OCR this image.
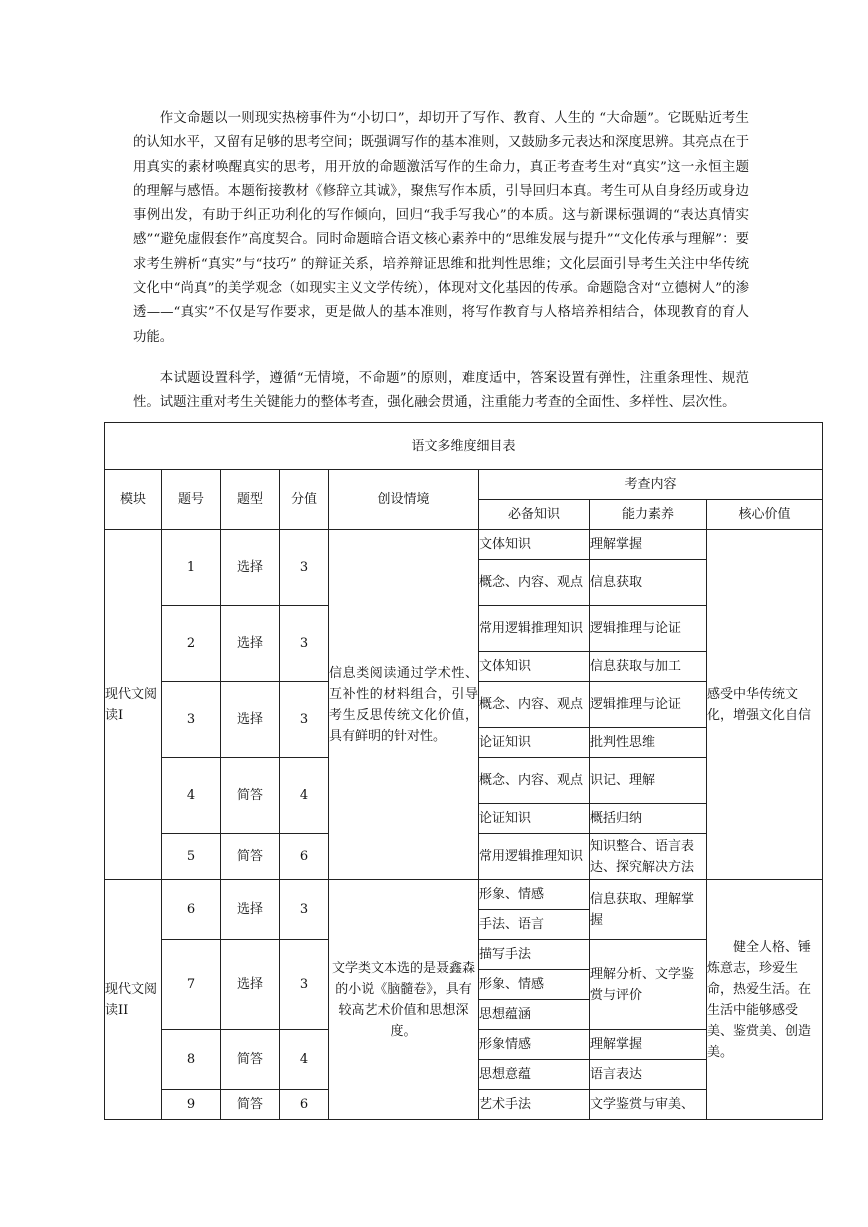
作文命题以一则现实热榜事件为“小切口”，却切开了写作、教育、人生的 “大命题”。它既贴近考生的认知水平，又留有足够的思考空间；既强调写作的基本准则，又鼓励多元表达和深度思辨。其亮点在于用真实的素材唤醒真实的思考，用开放的命题激活写作的生命力，真正考查考生对“真实”这一永恒主题的理解与感悟。本题衔接教材《修辞立其诚》，聚焦写作本质，引导回归本真。考生可从自身经历或身边事例出发，有助于纠正功利化的写作倾向，回归“我手写我心”的本质。这与新课标强调的“表达真情实感”“避免虚假套作”高度契合。同时命题暗合语文核心素养中的“思维发展与提升”“文化传承与理解”：要求考生辨析“真实”与“技巧” 的辩证关系，培养辩证思维和批判性思维；文化层面引导考生关注中华传统文化中“尚真”的美学观念（如现实主义文学传统），体现对文化基因的传承。命题隐含对“立德树人”的渗透——“真实”不仅是写作要求，更是做人的基本准则，将写作教育与人格培养相结合，体现教育的育人功能。

本试题设置科学，遵循“无情境，不命题”的原则，难度适中，答案设置有弹性，注重条理性、规范性。试题注重对考生关键能力的整体考查，强化融会贯通，注重能力考查的全面性、多样性、层次性。

语文多维度细目表							
模块	题号	题型	分值	创设情境	考查内容		
					必备知识	能力素养	核心价值
现代文阅读Ⅰ	1	选择	3	信息类阅读通过学术性、互补性的材料组合，引导考生反思传统文化价值，具有鲜明的针对性。	文体知识	理解掌握	感受中华传统文化，增强文化自信
					概念、内容、观点	信息获取	
	2	选择	3		常用逻辑推理知识	逻辑推理与论证	
					文体知识	信息获取与加工	
	3	选择	3		概念、内容、观点	逻辑推理与论证	
					论证知识	批判性思维	
	4	简答	4		概念、内容、观点	识记、理解	
					论证知识	概括归纳	
	5	简答	6		常用逻辑推理知识	知识整合、语言表达、探究解决方法	
现代文阅读II	6	选择	3	文学类文本选的是聂鑫森的小说《脑髓卷》，具有较高艺术价值和思想深度。	形象、情感	信息获取、理解掌握	健全人格、锤炼意志，珍爱生命，热爱生活。在生活中能够感受美、鉴赏美、创造美。
					手法、语言		
	7	选择	3		描写手法	理解分析、文学鉴赏与评价	
					形象、情感		
					思想蕴涵		
	8	简答	4		形象情感	理解掌握	
					思想意蕴	语言表达	
	9	简答	6		艺术手法	文学鉴赏与审美、	
